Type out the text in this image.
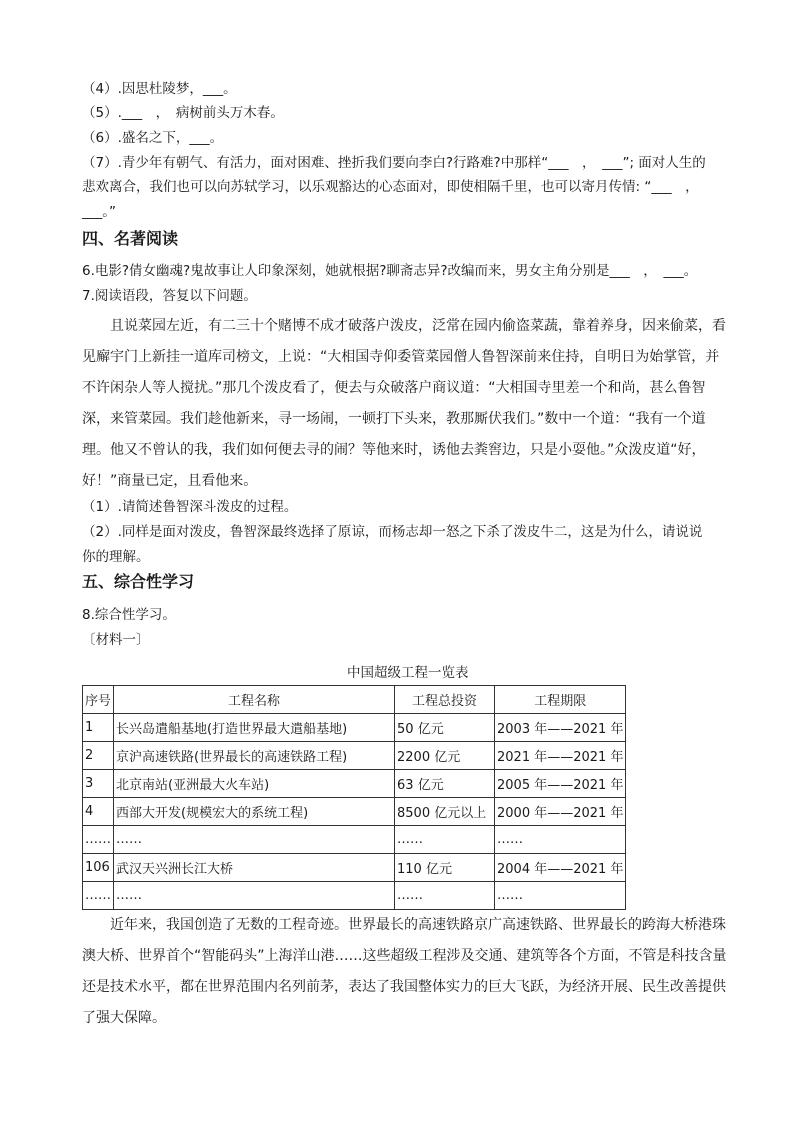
（4）.因思杜陵梦，___。
（5）.___　，　病树前头万木春。
（6）.盛名之下，___。
（7）.青少年有朝气、有活力，面对困难、挫折我们要向李白?行路难?中那样“___　，　___”; 面对人生的
悲欢离合，我们也可以向苏轼学习，以乐观豁达的心态面对，即使相隔千里，也可以寄月传情: “___　，
___。”
四、名著阅读
6.电影?倩女幽魂?鬼故事让人印象深刻，她就根据?聊斋志异?改编而来，男女主角分别是___　，　___。
7.阅读语段，答复以下问题。
且说菜园左近，有二三十个赌博不成才破落户泼皮，泛常在园内偷盗菜蔬，靠着养身，因来偷菜，看
见廨宇门上新挂一道库司榜文，上说：“大相国寺仰委管菜园僧人鲁智深前来住持，自明日为始掌管，并
不许闲杂人等人搅扰。”那几个泼皮看了，便去与众破落户商议道：“大相国寺里差一个和尚，甚么鲁智
深，来管菜园。我们趁他新来，寻一场闹，一顿打下头来，教那厮伏我们。”数中一个道：“我有一个道
理。他又不曾认的我，我们如何便去寻的闹？等他来时，诱他去粪窖边，只是小耍他。”众泼皮道“好，
好！”商量已定，且看他来。
（1）.请简述鲁智深斗泼皮的过程。
（2）.同样是面对泼皮，鲁智深最终选择了原谅，而杨志却一怒之下杀了泼皮牛二，这是为什么，请说说
你的理解。
五、综合性学习
8.综合性学习。
〔材料一〕
中国超级工程一览表
序号	工程名称	工程总投资	工程期限
1	长兴岛遣船基地(打造世界最大遣船基地)	50 亿元	2003 年——2021 年
2	京沪高速铁路(世界最长的高速铁路工程)	2200 亿元	2021 年——2021 年
3	北京南站(亚洲最大火车站)	63 亿元	2005 年——2021 年
4	西部大开发(规模宏大的系统工程)	8500 亿元以上	2000 年——2021 年
……	……	……	……
106	武汉天兴洲长江大桥	110 亿元	2004 年——2021 年
……	……	……	……
近年来，我国创造了无数的工程奇迹。世界最长的高速铁路京广高速铁路、世界最长的跨海大桥港珠
澳大桥、世界首个“智能码头”上海洋山港……这些超级工程涉及交通、建筑等各个方面，不管是科技含量
还是技术水平，都在世界范围内名列前茅，表达了我国整体实力的巨大飞跃，为经济开展、民生改善提供
了强大保障。
